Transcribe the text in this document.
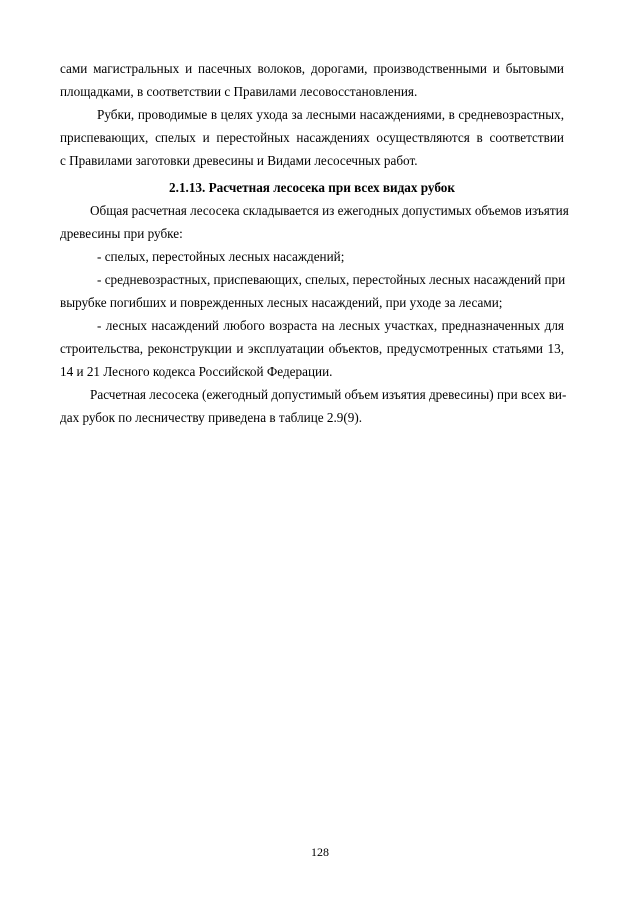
сами магистральных и пасечных волоков, дорогами, производственными и бытовыми
площадками, в соответствии с Правилами лесовосстановления.
Рубки, проводимые в целях ухода за лесными насаждениями, в средневозрастных,
приспевающих, спелых и перестойных насаждениях осуществляются в соответствии
с Правилами заготовки древесины и Видами лесосечных работ.
2.1.13. Расчетная лесосека при всех видах рубок
Общая расчетная лесосека складывается из ежегодных допустимых объемов изъятия
древесины при рубке:
- спелых, перестойных лесных насаждений;
- средневозрастных, приспевающих, спелых, перестойных лесных насаждений при
вырубке погибших и поврежденных лесных насаждений, при уходе за лесами;
- лесных насаждений любого возраста на лесных участках, предназначенных для
строительства, реконструкции и эксплуатации объектов, предусмотренных статьями 13,
14 и 21 Лесного кодекса Российской Федерации.
Расчетная лесосека (ежегодный допустимый объем изъятия древесины) при всех ви-
дах рубок по лесничеству приведена в таблице 2.9(9).
128
